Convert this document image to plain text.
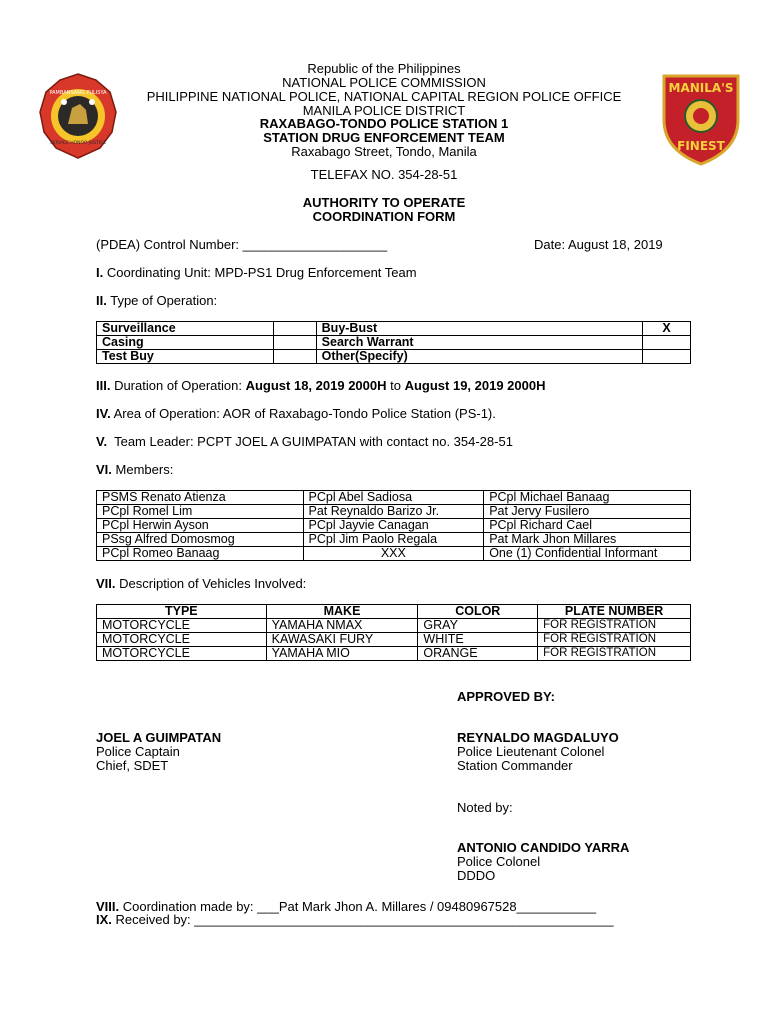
PAMBANSANG PULISYA
SERVICE HONOR JUSTICE
MANILA'S
FINEST
Republic of the Philippines
NATIONAL POLICE COMMISSION
PHILIPPINE NATIONAL POLICE, NATIONAL CAPITAL REGION POLICE OFFICE
MANILA POLICE DISTRICT
RAXABAGO-TONDO POLICE STATION 1
STATION DRUG ENFORCEMENT TEAM
Raxabago Street, Tondo, Manila
TELEFAX NO. 354-28-51
AUTHORITY TO OPERATE
COORDINATION FORM
(PDEA) Control Number: ____________________	Date: August 18, 2019
I. Coordinating Unit: MPD-PS1 Drug Enforcement Team
II. Type of Operation:
Surveillance		Buy-Bust	X
Casing		Search Warrant	
Test Buy		Other(Specify)	
III. Duration of Operation: August 18, 2019 2000H to August 19, 2019 2000H
IV. Area of Operation: AOR of Raxabago-Tondo Police Station (PS-1).
V.  Team Leader: PCPT JOEL A GUIMPATAN with contact no. 354-28-51
VI. Members:
PSMS Renato Atienza	PCpl Abel Sadiosa	PCpl Michael Banaag
PCpl Romel Lim	Pat Reynaldo Barizo Jr.	Pat Jervy Fusilero
PCpl Herwin Ayson	PCpl Jayvie Canagan	PCpl Richard Cael
PSsg Alfred Domosmog	PCpl Jim Paolo Regala	Pat Mark Jhon Millares
PCpl Romeo Banaag	XXX	One (1) Confidential Informant
VII. Description of Vehicles Involved:
TYPE	MAKE	COLOR	PLATE NUMBER
MOTORCYCLE	YAMAHA NMAX	GRAY	FOR REGISTRATION
MOTORCYCLE	KAWASAKI FURY	WHITE	FOR REGISTRATION
MOTORCYCLE	YAMAHA MIO	ORANGE	FOR REGISTRATION
APPROVED BY:
JOEL A GUIMPATAN
Police Captain
Chief, SDET
REYNALDO MAGDALUYO
Police Lieutenant Colonel
Station Commander
Noted by:
ANTONIO CANDIDO YARRA
Police Colonel
DDDO
VIII. Coordination made by: ___Pat Mark Jhon A. Millares / 09480967528___________
IX. Received by: __________________________________________________________
